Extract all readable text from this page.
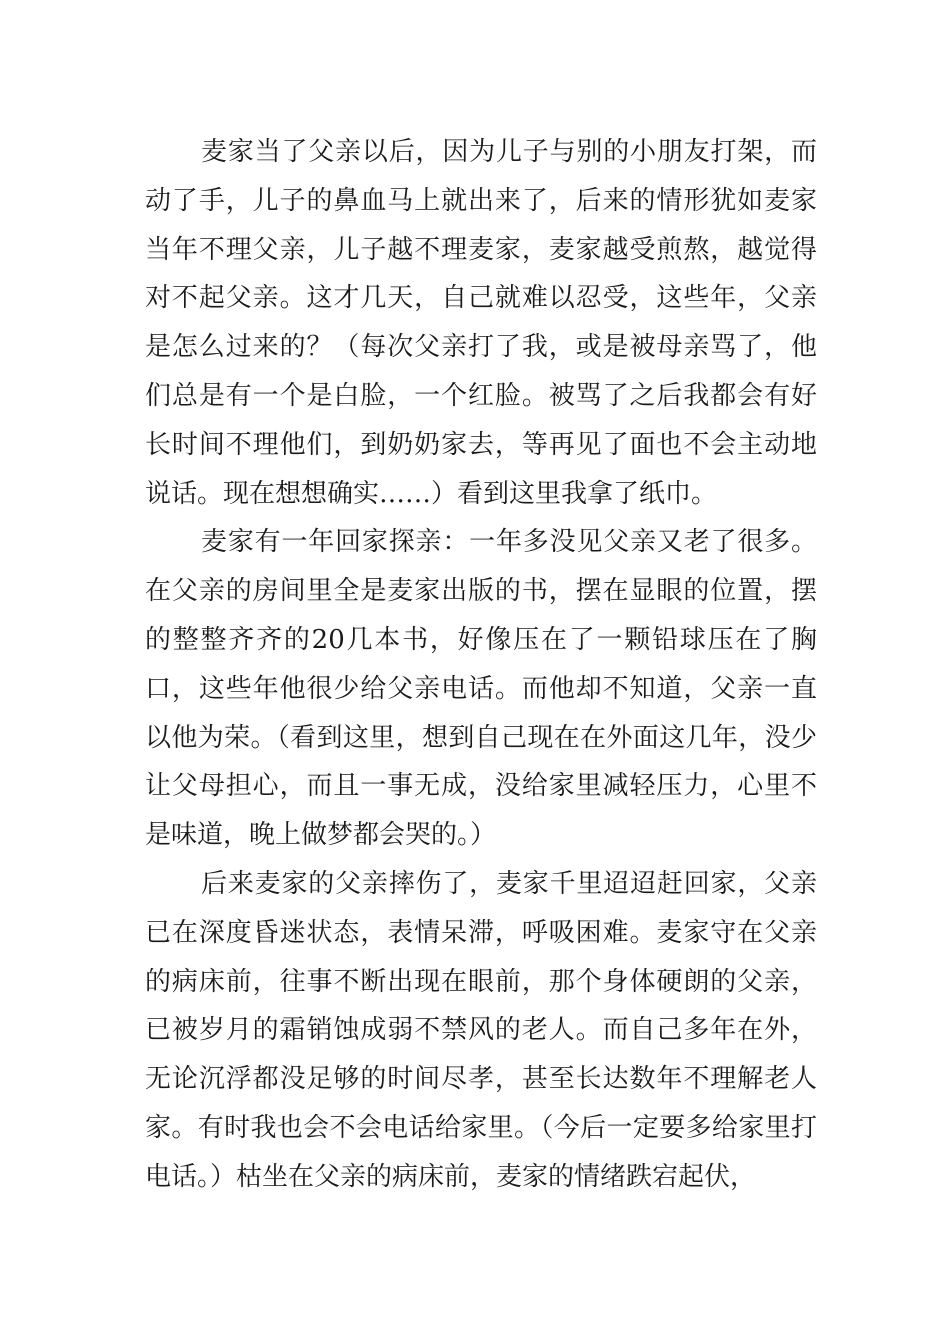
麦家当了父亲以后，因为儿子与别的小朋友打架，而动了手，儿子的鼻血马上就出来了，后来的情形犹如麦家当年不理父亲，儿子越不理麦家，麦家越受煎熬，越觉得对不起父亲。这才几天，自己就难以忍受，这些年，父亲是怎么过来的？（每次父亲打了我，或是被母亲骂了，他们总是有一个是白脸，一个红脸。被骂了之后我都会有好长时间不理他们，到奶奶家去，等再见了面也不会主动地说话。现在想想确实……）看到这里我拿了纸巾。

麦家有一年回家探亲：一年多没见父亲又老了很多。在父亲的房间里全是麦家出版的书，摆在显眼的位置，摆的整整齐齐的20几本书，好像压在了一颗铅球压在了胸口，这些年他很少给父亲电话。而他却不知道，父亲一直以他为荣。（看到这里，想到自己现在在外面这几年，没少让父母担心，而且一事无成，没给家里减轻压力，心里不是味道，晚上做梦都会哭的。）

后来麦家的父亲摔伤了，麦家千里迢迢赶回家，父亲已在深度昏迷状态，表情呆滞，呼吸困难。麦家守在父亲的病床前，往事不断出现在眼前，那个身体硬朗的父亲，已被岁月的霜销蚀成弱不禁风的老人。而自己多年在外，无论沉浮都没足够的时间尽孝，甚至长达数年不理解老人家。有时我也会不会电话给家里。（今后一定要多给家里打电话。）枯坐在父亲的病床前，麦家的情绪跌宕起伏，
